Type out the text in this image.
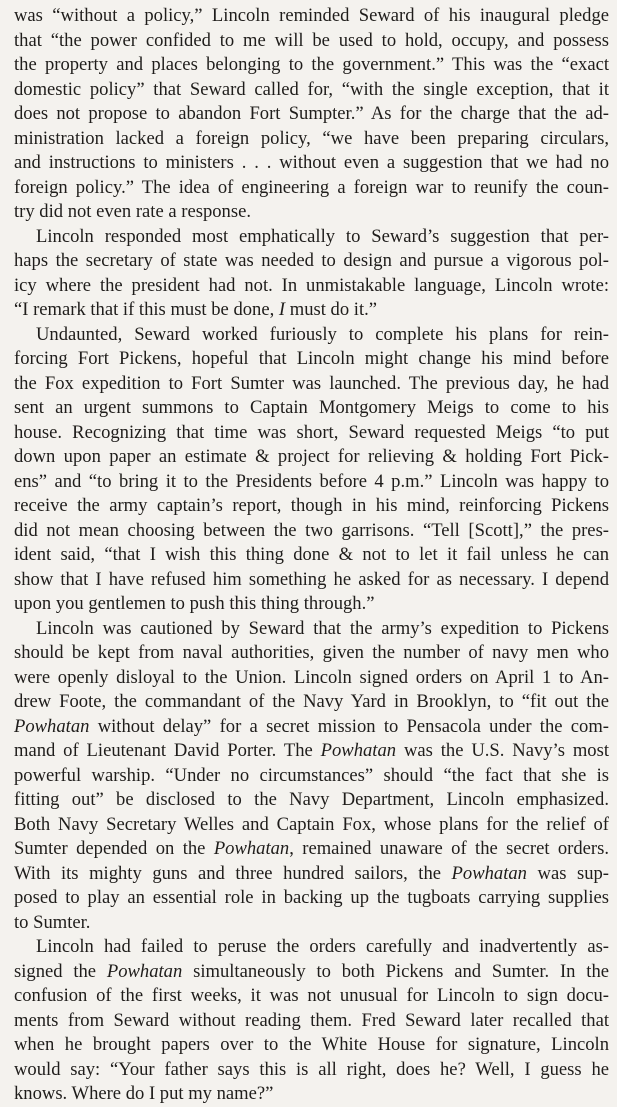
was “without a policy,” Lincoln reminded Seward of his inaugural pledge
that “the power confided to me will be used to hold, occupy, and possess
the property and places belonging to the government.” This was the “exact
domestic policy” that Seward called for, “with the single exception, that it
does not propose to abandon Fort Sumpter.” As for the charge that the ad-
ministration lacked a foreign policy, “we have been preparing circulars,
and instructions to ministers . . . without even a suggestion that we had no
foreign policy.” The idea of engineering a foreign war to reunify the coun-
try did not even rate a response.
Lincoln responded most emphatically to Seward’s suggestion that per-
haps the secretary of state was needed to design and pursue a vigorous pol-
icy where the president had not. In unmistakable language, Lincoln wrote:
“I remark that if this must be done, I must do it.”
Undaunted, Seward worked furiously to complete his plans for rein-
forcing Fort Pickens, hopeful that Lincoln might change his mind before
the Fox expedition to Fort Sumter was launched. The previous day, he had
sent an urgent summons to Captain Montgomery Meigs to come to his
house. Recognizing that time was short, Seward requested Meigs “to put
down upon paper an estimate & project for relieving & holding Fort Pick-
ens” and “to bring it to the Presidents before 4 p.m.” Lincoln was happy to
receive the army captain’s report, though in his mind, reinforcing Pickens
did not mean choosing between the two garrisons. “Tell [Scott],” the pres-
ident said, “that I wish this thing done & not to let it fail unless he can
show that I have refused him something he asked for as necessary. I depend
upon you gentlemen to push this thing through.”
Lincoln was cautioned by Seward that the army’s expedition to Pickens
should be kept from naval authorities, given the number of navy men who
were openly disloyal to the Union. Lincoln signed orders on April 1 to An-
drew Foote, the commandant of the Navy Yard in Brooklyn, to “fit out the
Powhatan without delay” for a secret mission to Pensacola under the com-
mand of Lieutenant David Porter. The Powhatan was the U.S. Navy’s most
powerful warship. “Under no circumstances” should “the fact that she is
fitting out” be disclosed to the Navy Department, Lincoln emphasized.
Both Navy Secretary Welles and Captain Fox, whose plans for the relief of
Sumter depended on the Powhatan, remained unaware of the secret orders.
With its mighty guns and three hundred sailors, the Powhatan was sup-
posed to play an essential role in backing up the tugboats carrying supplies
to Sumter.
Lincoln had failed to peruse the orders carefully and inadvertently as-
signed the Powhatan simultaneously to both Pickens and Sumter. In the
confusion of the first weeks, it was not unusual for Lincoln to sign docu-
ments from Seward without reading them. Fred Seward later recalled that
when he brought papers over to the White House for signature, Lincoln
would say: “Your father says this is all right, does he? Well, I guess he
knows. Where do I put my name?”
